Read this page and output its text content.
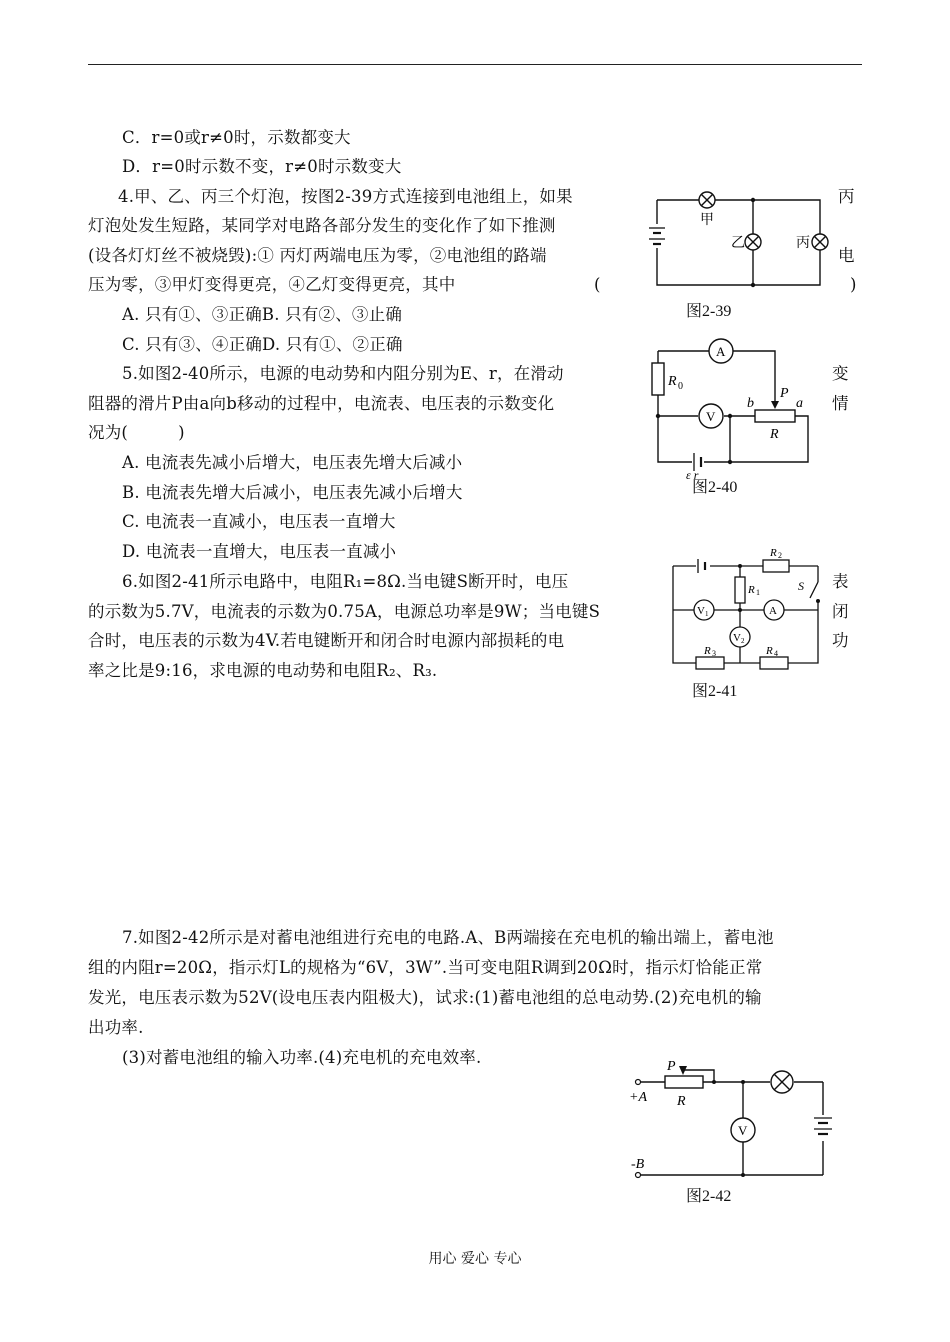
C．r=0或r≠0时，示数都变大
D．r=0时示数不变，r≠0时示数变大
4.甲、乙、丙三个灯泡，按图2-39方式连接到电池组上，如果	丙
灯泡处发生短路，某同学对电路各部分发生的变化作了如下推测
(设各灯灯丝不被烧毁):① 丙灯两端电压为零，②电池组的路端	电
压为零，③甲灯变得更亮，④乙灯变得更亮，其中	(	)
A. 只有①、③正确B. 只有②、③止确
C. 只有③、④正确D. 只有①、②正确
5.如图2-40所示，电源的电动势和内阻分别为E、r，在滑动	变
阻器的滑片P由a向b移动的过程中，电流表、电压表的示数变化	情
况为(　　　)
A. 电流表先减小后增大，电压表先增大后减小
B. 电流表先增大后减小，电压表先减小后增大
C. 电流表一直减小，电压表一直增大
D. 电流表一直增大，电压表一直减小
6.如图2-41所示电路中，电阻R₁=8Ω.当电键S断开时，电压	表
的示数为5.7V，电流表的示数为0.75A，电源总功率是9W；当电键S	闭
合时，电压表的示数为4V.若电键断开和闭合时电源内部损耗的电	功
率之比是9:16，求电源的电动势和电阻R₂、R₃.
7.如图2-42所示是对蓄电池组进行充电的电路.A、B两端接在充电机的输出端上，蓄电池
组的内阻r=20Ω，指示灯L的规格为“6V，3W”.当可变电阻R调到20Ω时，指示灯恰能正常
发光，电压表示数为52V(设电压表内阻极大)，试求:(1)蓄电池组的总电动势.(2)充电机的输
出功率.
(3)对蓄电池组的输入功率.(4)充电机的充电效率.
甲
乙	丙
图2-39
A
V
R 0	P
b	a
R
ε r
图2-40
R 2
R 1
R 3	R 4
S
V 1
V 2
A
图2-41
P
R
+A
-B
V
图2-42
用心 爱心 专心
